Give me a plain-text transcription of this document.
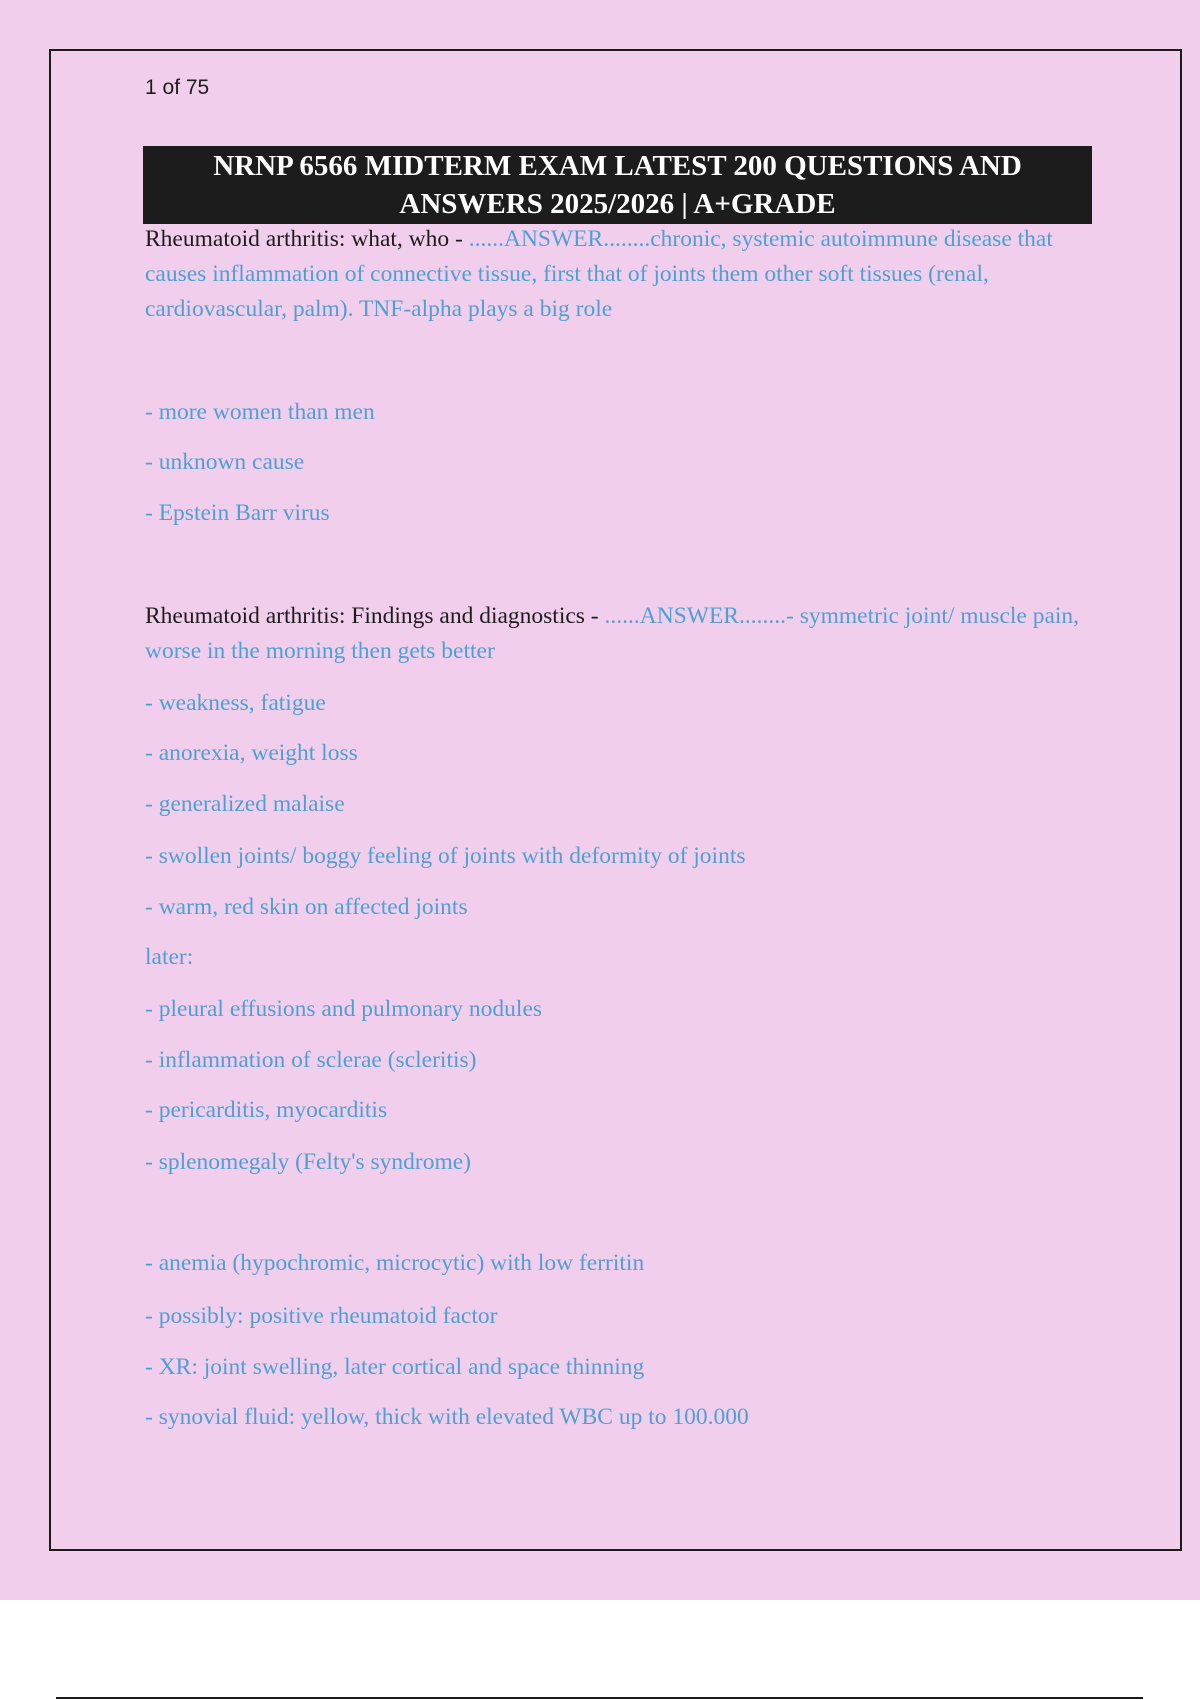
1 of 75
NRNP 6566 MIDTERM EXAM LATEST 200 QUESTIONS AND
ANSWERS 2025/2026 | A+GRADE

Rheumatoid arthritis: what, who - ......ANSWER........chronic, systemic autoimmune disease that causes inflammation of connective tissue, first that of joints them other soft tissues (renal, cardiovascular, palm). TNF-alpha plays a big role

- more women than men
- unknown cause
- Epstein Barr virus

Rheumatoid arthritis: Findings and diagnostics - ......ANSWER........- symmetric joint/ muscle pain, worse in the morning then gets better

- weakness, fatigue
- anorexia, weight loss
- generalized malaise
- swollen joints/ boggy feeling of joints with deformity of joints
- warm, red skin on affected joints
later:
- pleural effusions and pulmonary nodules
- inflammation of sclerae (scleritis)
- pericarditis, myocarditis
- splenomegaly (Felty's syndrome)
- anemia (hypochromic, microcytic) with low ferritin
- possibly: positive rheumatoid factor
- XR: joint swelling, later cortical and space thinning
- synovial fluid: yellow, thick with elevated WBC up to 100.000
